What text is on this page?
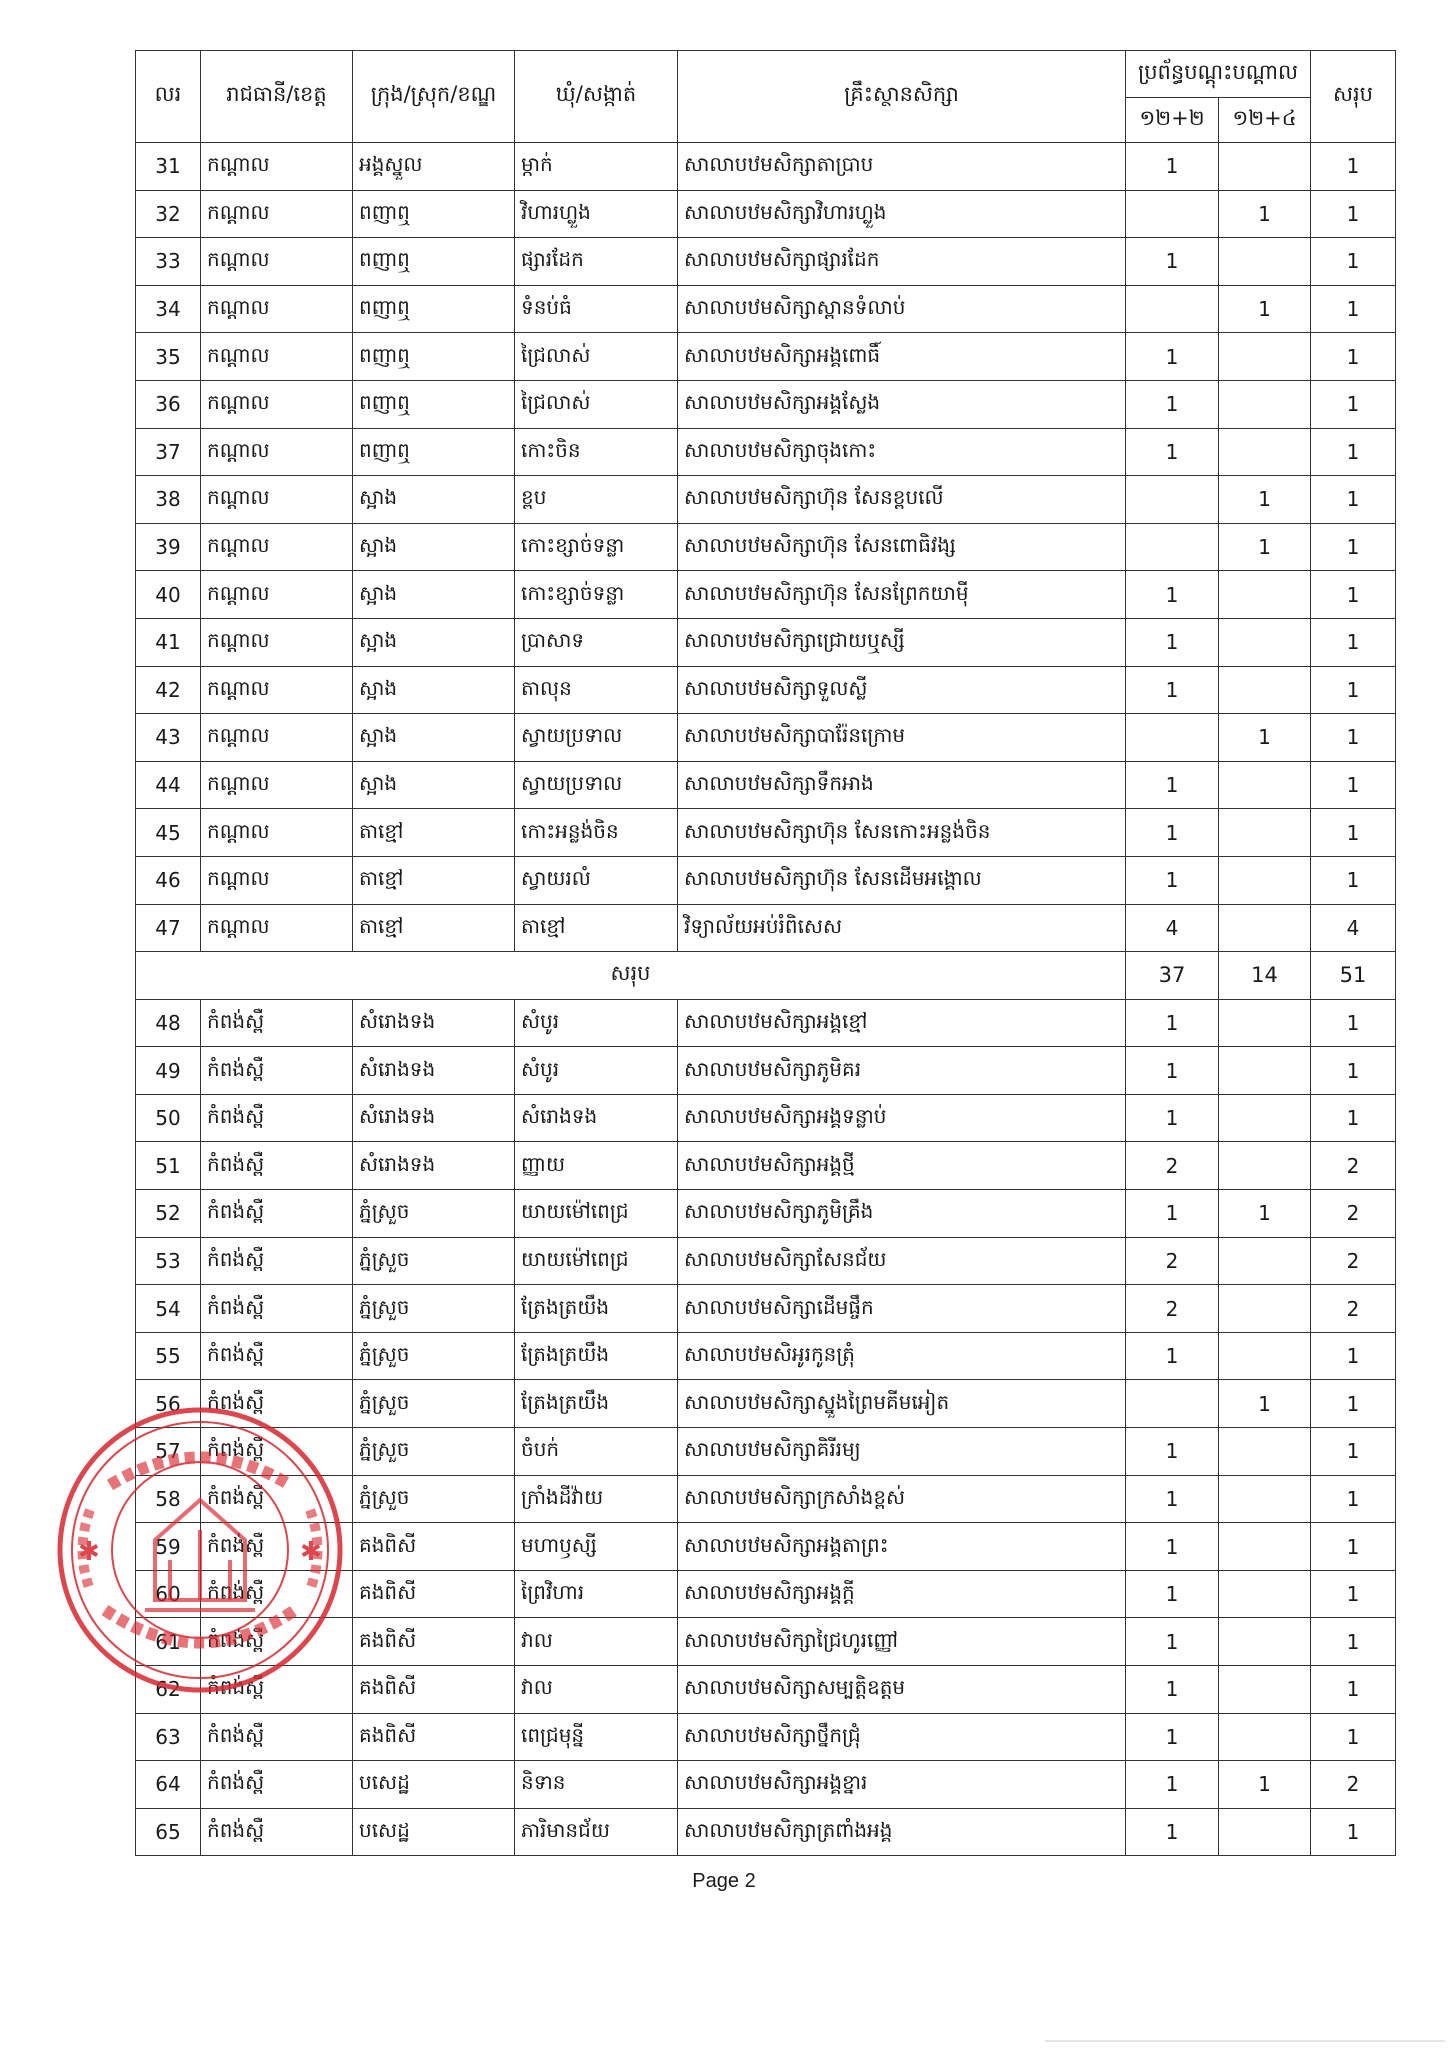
លរ	រាជធានី/ខេត្ត	ក្រុង/ស្រុក/ខណ្ឌ	ឃុំ/សង្កាត់	គ្រឹះស្ថានសិក្សា	ប្រព័ន្ធបណ្តុះបណ្តាល		សរុប
					១២+២	១២+៤	
31	កណ្តាល	អង្គស្នួល	ម្កាក់	សាលាបឋមសិក្សាតាប្រាប	1		1
32	កណ្តាល	ពញាឮ	វិហារហ្លួង	សាលាបឋមសិក្សាវិហារហ្លួង		1	1
33	កណ្តាល	ពញាឮ	ផ្សារដែក	សាលាបឋមសិក្សាផ្សារដែក	1		1
34	កណ្តាល	ពញាឮ	ទំនប់ធំ	សាលាបឋមសិក្សាស្ពានទំលាប់		1	1
35	កណ្តាល	ពញាឮ	ជ្រៃលាស់	សាលាបឋមសិក្សាអង្គពោធិ៍	1		1
36	កណ្តាល	ពញាឮ	ជ្រៃលាស់	សាលាបឋមសិក្សាអង្គស្លែង	1		1
37	កណ្តាល	ពញាឮ	កោះចិន	សាលាបឋមសិក្សាចុងកោះ	1		1
38	កណ្តាល	ស្អាង	ខ្ពប	សាលាបឋមសិក្សាហ៊ុន សែនខ្ពបលើ		1	1
39	កណ្តាល	ស្អាង	កោះខ្សាច់ទន្លា	សាលាបឋមសិក្សាហ៊ុន សែនពោធិវង្ស		1	1
40	កណ្តាល	ស្អាង	កោះខ្សាច់ទន្លា	សាលាបឋមសិក្សាហ៊ុន សែនព្រែកយាម៉ី	1		1
41	កណ្តាល	ស្អាង	ប្រាសាទ	សាលាបឋមសិក្សាជ្រោយឬស្សី	1		1
42	កណ្តាល	ស្អាង	តាលុន	សាលាបឋមសិក្សាទួលស្លី	1		1
43	កណ្តាល	ស្អាង	ស្វាយប្រទាល	សាលាបឋមសិក្សាបារ៉ែនក្រោម		1	1
44	កណ្តាល	ស្អាង	ស្វាយប្រទាល	សាលាបឋមសិក្សាទឹកអាង	1		1
45	កណ្តាល	តាខ្មៅ	កោះអន្លង់ចិន	សាលាបឋមសិក្សាហ៊ុន សែនកោះអន្លង់ចិន	1		1
46	កណ្តាល	តាខ្មៅ	ស្វាយរលំ	សាលាបឋមសិក្សាហ៊ុន សែនដើមអង្គោល	1		1
47	កណ្តាល	តាខ្មៅ	តាខ្មៅ	វិទ្យាល័យអប់រំពិសេស	4		4
សរុប					37	14	51
48	កំពង់ស្ពឺ	សំរោងទង	សំបូរ	សាលាបឋមសិក្សាអង្គខ្មៅ	1		1
49	កំពង់ស្ពឺ	សំរោងទង	សំបូរ	សាលាបឋមសិក្សាភូមិគរ	1		1
50	កំពង់ស្ពឺ	សំរោងទង	សំរោងទង	សាលាបឋមសិក្សាអង្គទន្លាប់	1		1
51	កំពង់ស្ពឺ	សំរោងទង	ញ្ញាយ	សាលាបឋមសិក្សាអង្គថ្មី	2		2
52	កំពង់ស្ពឺ	ភ្នំស្រួច	យាយម៉ៅពេជ្រ	សាលាបឋមសិក្សាភូមិគ្រឹង	1	1	2
53	កំពង់ស្ពឺ	ភ្នំស្រួច	យាយម៉ៅពេជ្រ	សាលាបឋមសិក្សាសែនជ័យ	2		2
54	កំពង់ស្ពឺ	ភ្នំស្រួច	ត្រែងត្រយឹង	សាលាបឋមសិក្សាដើមផ្ចឹក	2		2
55	កំពង់ស្ពឺ	ភ្នំស្រួច	ត្រែងត្រយឹង	សាលាបឋមសិអូរកូនត្រុំ	1		1
56	កំពង់ស្ពឺ	ភ្នំស្រួច	ត្រែងត្រយឹង	សាលាបឋមសិក្សាស្នួងព្រៃមគីមអៀត		1	1
57	កំពង់ស្ពឺ	ភ្នំស្រួច	ចំបក់	សាលាបឋមសិក្សាគិរីរម្យ	1		1
58	កំពង់ស្ពឺ	ភ្នំស្រួច	ក្រាំងដីវ៉ាយ	សាលាបឋមសិក្សាក្រសាំងខ្ពស់	1		1
59	កំពង់ស្ពឺ	គងពិសី	មហាឫស្សី	សាលាបឋមសិក្សាអង្គតាព្រះ	1		1
60	កំពង់ស្ពឺ	គងពិសី	ព្រៃវិហារ	សាលាបឋមសិក្សាអង្គក្តី	1		1
61	កំពង់ស្ពឺ	គងពិសី	វាល	សាលាបឋមសិក្សាជ្រៃហូរញ្ញៅ	1		1
62	កំពង់ស្ពឺ	គងពិសី	វាល	សាលាបឋមសិក្សាសម្បត្តិឧត្តម	1		1
63	កំពង់ស្ពឺ	គងពិសី	ពេជ្រមុន្នី	សាលាបឋមសិក្សាថ្នឹកជ្រុំ	1		1
64	កំពង់ស្ពឺ	បសេដ្ឋ	និទាន	សាលាបឋមសិក្សាអង្គខ្នារ	1	1	2
65	កំពង់ស្ពឺ	បសេដ្ឋ	ភារិមានជ័យ	សាលាបឋមសិក្សាត្រពាំងអង្គ	1		1
✱	✱
Page 2
